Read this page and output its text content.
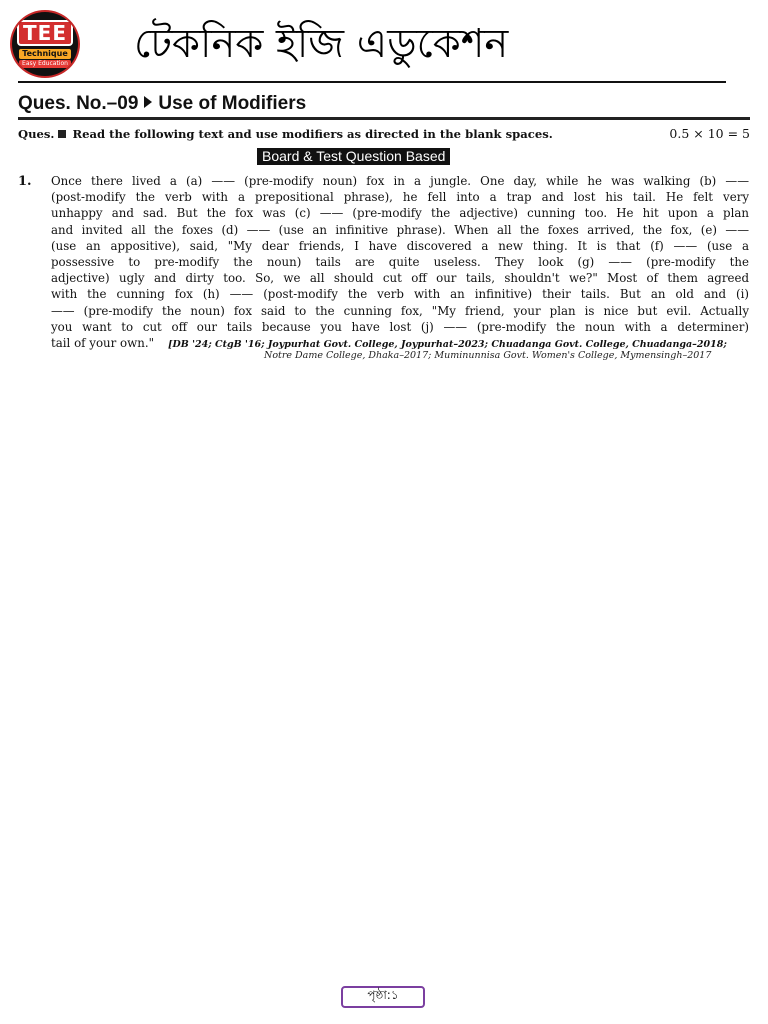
TEE
Technique
Easy Education টেকনিক ইজি এডুকেশন
Ques. No.–09 Use of Modifiers
Ques. Read the following text and use modifiers as directed in the blank spaces.	0.5 × 10 = 5
Board & Test Question Based
1. Once there lived a (a) —— (pre-modify noun) fox in a jungle. One day, while he was walking (b) ——
(post-modify the verb with a prepositional phrase), he fell into a trap and lost his tail. He felt very
unhappy and sad. But the fox was (c) —— (pre-modify the adjective) cunning too. He hit upon a plan
and invited all the foxes (d) —— (use an infinitive phrase). When all the foxes arrived, the fox, (e) ——
(use an appositive), said, "My dear friends, I have discovered a new thing. It is that (f) —— (use a
possessive to pre-modify the noun) tails are quite useless. They look (g) —— (pre-modify the
adjective) ugly and dirty too. So, we all should cut off our tails, shouldn't we?" Most of them agreed
with the cunning fox (h) —— (post-modify the verb with an infinitive) their tails. But an old and (i)
—— (pre-modify the noun) fox said to the cunning fox, "My friend, your plan is nice but evil. Actually
you want to cut off our tails because you have lost (j) —— (pre-modify the noun with a determiner)
tail of your own." [DB '24; CtgB '16; Joypurhat Govt. College, Joypurhat–2023; Chuadanga Govt. College, Chuadanga–2018;
Notre Dame College, Dhaka–2017; Muminunnisa Govt. Women's College, Mymensingh–2017
পৃষ্ঠা:১
